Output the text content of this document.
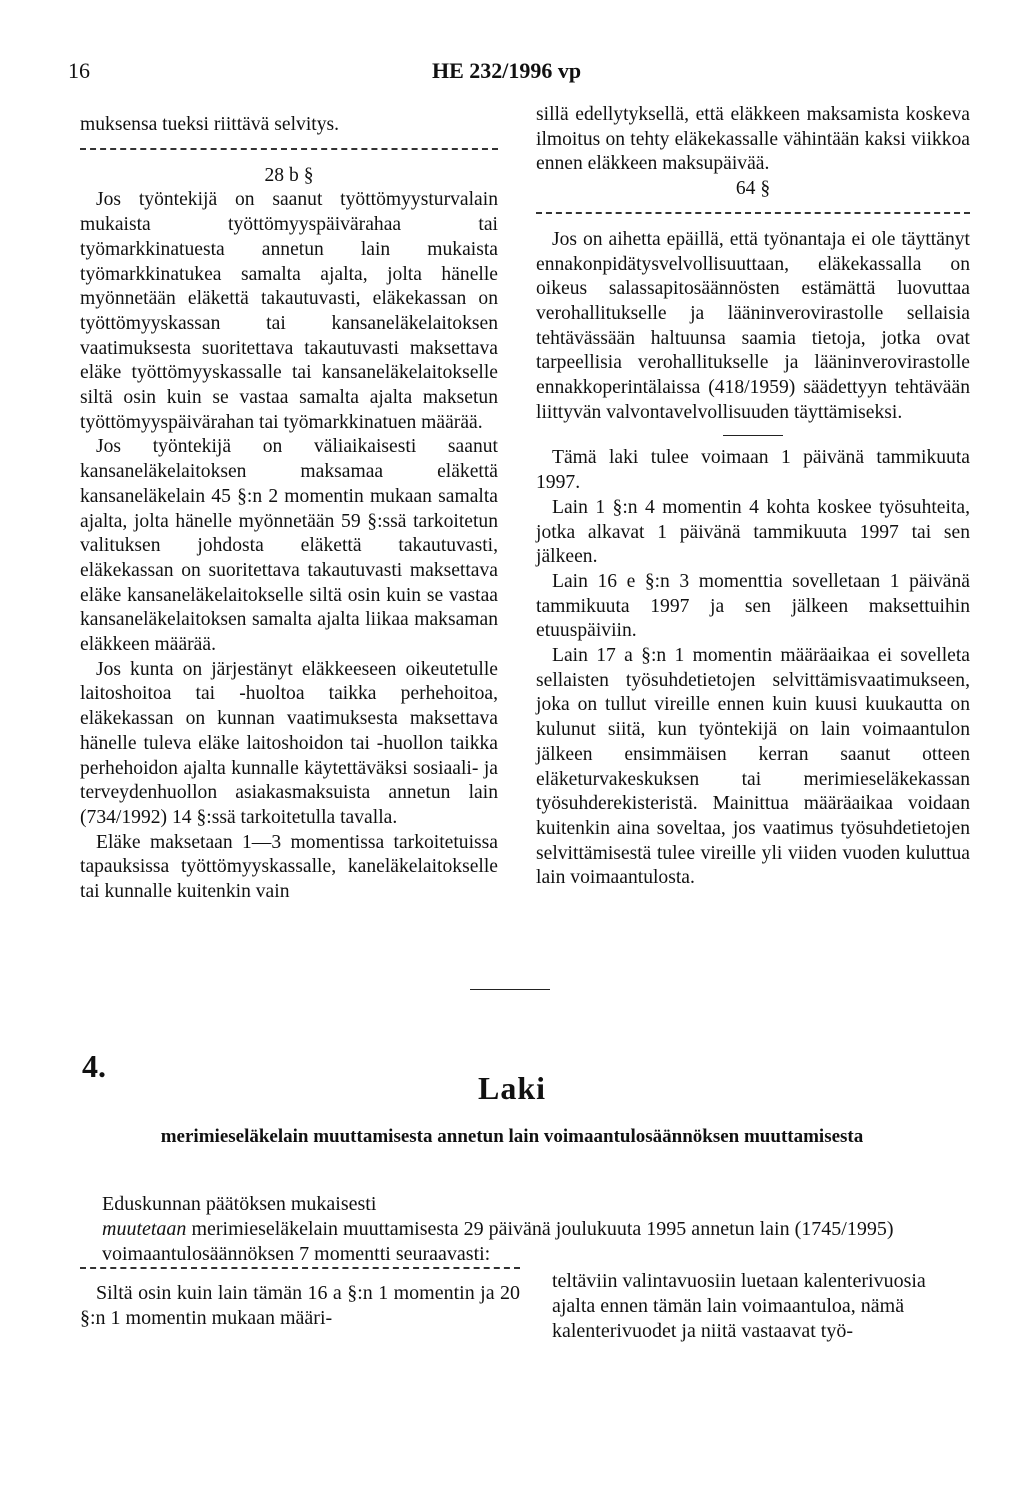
16	HE 232/1996 vp

muksensa tueksi riittävä selvitys.

28 b §

Jos työntekijä on saanut työttömyysturvalain mukaista työttömyyspäivärahaa tai työmarkkinatuesta annetun lain mukaista työmarkkinatukea samalta ajalta, jolta hänelle myönnetään eläkettä takautuvasti, eläkekassan on työttömyyskassan tai kansaneläkelaitoksen vaatimuksesta suoritettava takautuvasti maksettava eläke työttömyyskassalle tai kansaneläkelaitokselle siltä osin kuin se vastaa samalta ajalta maksetun työttömyyspäivärahan tai työmarkkinatuen määrää.

Jos työntekijä on väliaikaisesti saanut kansaneläkelaitoksen maksamaa eläkettä kansaneläkelain 45 §:n 2 momentin mukaan samalta ajalta, jolta hänelle myönnetään 59 §:ssä tarkoitetun valituksen johdosta eläkettä takautuvasti, eläkekassan on suoritettava takautuvasti maksettava eläke kansaneläkelaitokselle siltä osin kuin se vastaa kansaneläkelaitoksen samalta ajalta liikaa maksaman eläkkeen määrää.

Jos kunta on järjestänyt eläkkeeseen oikeutetulle laitoshoitoa tai -huoltoa taikka perhehoitoa, eläkekassan on kunnan vaatimuksesta maksettava hänelle tuleva eläke laitoshoidon tai -huollon taikka perhehoidon ajalta kunnalle käytettäväksi sosiaali- ja terveydenhuollon asiakasmaksuista annetun lain (734/1992) 14 §:ssä tarkoitetulla tavalla.

Eläke maksetaan 1—3 momentissa tarkoitetuissa tapauksissa työttömyyskassalle, kaneläkelaitokselle tai kunnalle kuitenkin vain

sillä edellytyksellä, että eläkkeen maksamista koskeva ilmoitus on tehty eläkekassalle vähintään kaksi viikkoa ennen eläkkeen maksupäivää.

64 §

Jos on aihetta epäillä, että työnantaja ei ole täyttänyt ennakonpidätysvelvollisuuttaan, eläkekassalla on oikeus salassapitosäännösten estämättä luovuttaa verohallitukselle ja lääninverovirastolle sellaisia tehtävässään haltuunsa saamia tietoja, jotka ovat tarpeellisia verohallitukselle ja lääninverovirastolle ennakkoperintälaissa (418/1959) säädettyyn tehtävään liittyvän valvontavelvollisuuden täyttämiseksi.

Tämä laki tulee voimaan 1 päivänä tammikuuta 1997.

Lain 1 §:n 4 momentin 4 kohta koskee työsuhteita, jotka alkavat 1 päivänä tammikuuta 1997 tai sen jälkeen.

Lain 16 e §:n 3 momenttia sovelletaan 1 päivänä tammikuuta 1997 ja sen jälkeen maksettuihin etuuspäiviin.

Lain 17 a §:n 1 momentin määräaikaa ei sovelleta sellaisten työsuhdetietojen selvittämisvaatimukseen, joka on tullut vireille ennen kuin kuusi kuukautta on kulunut siitä, kun työntekijä on lain voimaantulon jälkeen ensimmäisen kerran saanut otteen eläketurvakeskuksen tai merimieseläkekassan työsuhderekisteristä. Mainittua määräaikaa voidaan kuitenkin aina soveltaa, jos vaatimus työsuhdetietojen selvittämisestä tulee vireille yli viiden vuoden kuluttua lain voimaantulosta.

4.
Laki
merimieseläkelain muuttamisesta annetun lain voimaantulosäännöksen muuttamisesta

Eduskunnan päätöksen mukaisesti

muutetaan merimieseläkelain muuttamisesta 29 päivänä joulukuuta 1995 annetun lain (1745/1995) voimaantulosäännöksen 7 momentti seuraavasti:

Siltä osin kuin lain tämän 16 a §:n 1 momentin ja 20 §:n 1 momentin mukaan määri-

teltäviin valintavuosiin luetaan kalenterivuosia ajalta ennen tämän lain voimaantuloa, nämä kalenterivuodet ja niitä vastaavat työ-
